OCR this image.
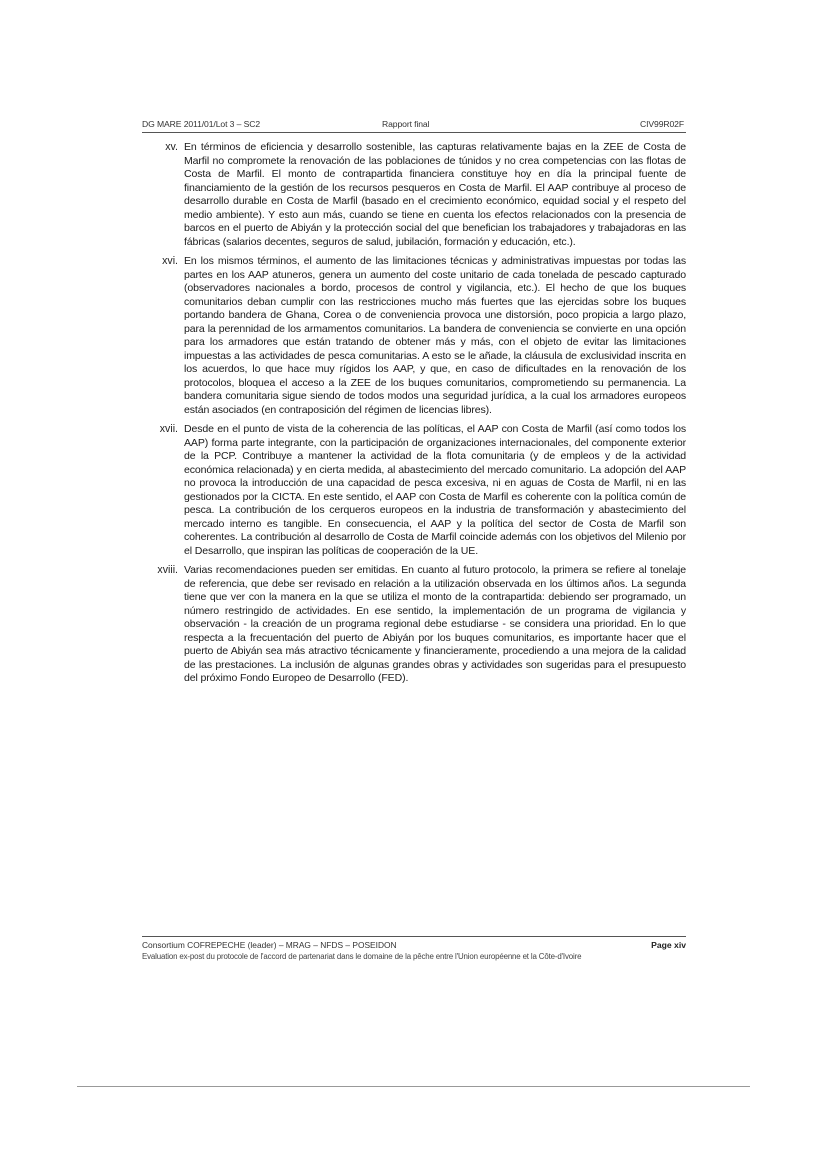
DG MARE 2011/01/Lot 3 – SC2	Rapport final	CIV99R02F
xv. En términos de eficiencia y desarrollo sostenible, las capturas relativamente bajas en la ZEE de Costa de Marfil no compromete la renovación de las poblaciones de túnidos y no crea competencias con las flotas de Costa de Marfil. El monto de contrapartida financiera constituye hoy en día la principal fuente de financiamiento de la gestión de los recursos pesqueros en Costa de Marfil. El AAP contribuye al proceso de desarrollo durable en Costa de Marfil (basado en el crecimiento económico, equidad social y el respeto del medio ambiente). Y esto aun más, cuando se tiene en cuenta los efectos relacionados con la presencia de barcos en el puerto de Abiyán y la protección social del que benefician los trabajadores y trabajadoras en las fábricas (salarios decentes, seguros de salud, jubilación, formación y educación, etc.).
xvi. En los mismos términos, el aumento de las limitaciones técnicas y administrativas impuestas por todas las partes en los AAP atuneros, genera un aumento del coste unitario de cada tonelada de pescado capturado (observadores nacionales a bordo, procesos de control y vigilancia, etc.). El hecho de que los buques comunitarios deban cumplir con las restricciones mucho más fuertes que las ejercidas sobre los buques portando bandera de Ghana, Corea o de conveniencia provoca une distorsión, poco propicia a largo plazo, para la perennidad de los armamentos comunitarios. La bandera de conveniencia se convierte en una opción para los armadores que están tratando de obtener más y más, con el objeto de evitar las limitaciones impuestas a las actividades de pesca comunitarias. A esto se le añade, la cláusula de exclusividad inscrita en los acuerdos, lo que hace muy rígidos los AAP, y que, en caso de dificultades en la renovación de los protocolos, bloquea el acceso a la ZEE de los buques comunitarios, comprometiendo su permanencia. La bandera comunitaria sigue siendo de todos modos una seguridad jurídica, a la cual los armadores europeos están asociados (en contraposición del régimen de licencias libres).
xvii. Desde en el punto de vista de la coherencia de las políticas, el AAP con Costa de Marfil (así como todos los AAP) forma parte integrante, con la participación de organizaciones internacionales, del componente exterior de la PCP. Contribuye a mantener la actividad de la flota comunitaria (y de empleos y de la actividad económica relacionada) y en cierta medida, al abastecimiento del mercado comunitario. La adopción del AAP no provoca la introducción de una capacidad de pesca excesiva, ni en aguas de Costa de Marfil, ni en las gestionados por la CICTA. En este sentido, el AAP con Costa de Marfil es coherente con la política común de pesca. La contribución de los cerqueros europeos en la industria de transformación y abastecimiento del mercado interno es tangible. En consecuencia, el AAP y la política del sector de Costa de Marfil son coherentes. La contribución al desarrollo de Costa de Marfil coincide además con los objetivos del Milenio por el Desarrollo, que inspiran las políticas de cooperación de la UE.
xviii. Varias recomendaciones pueden ser emitidas. En cuanto al futuro protocolo, la primera se refiere al tonelaje de referencia, que debe ser revisado en relación a la utilización observada en los últimos años. La segunda tiene que ver con la manera en la que se utiliza el monto de la contrapartida: debiendo ser programado, un número restringido de actividades. En ese sentido, la implementación de un programa de vigilancia y observación - la creación de un programa regional debe estudiarse - se considera una prioridad. En lo que respecta a la frecuentación del puerto de Abiyán por los buques comunitarios, es importante hacer que el puerto de Abiyán sea más atractivo técnicamente y financieramente, procediendo a una mejora de la calidad de las prestaciones. La inclusión de algunas grandes obras y actividades son sugeridas para el presupuesto del próximo Fondo Europeo de Desarrollo (FED).
Consortium COFREPECHE (leader) – MRAG – NFDS – POSEIDON	Page xiv
Evaluation ex-post du protocole de l'accord de partenariat dans le domaine de la pêche entre l'Union européenne et la Côte-d'Ivoire
